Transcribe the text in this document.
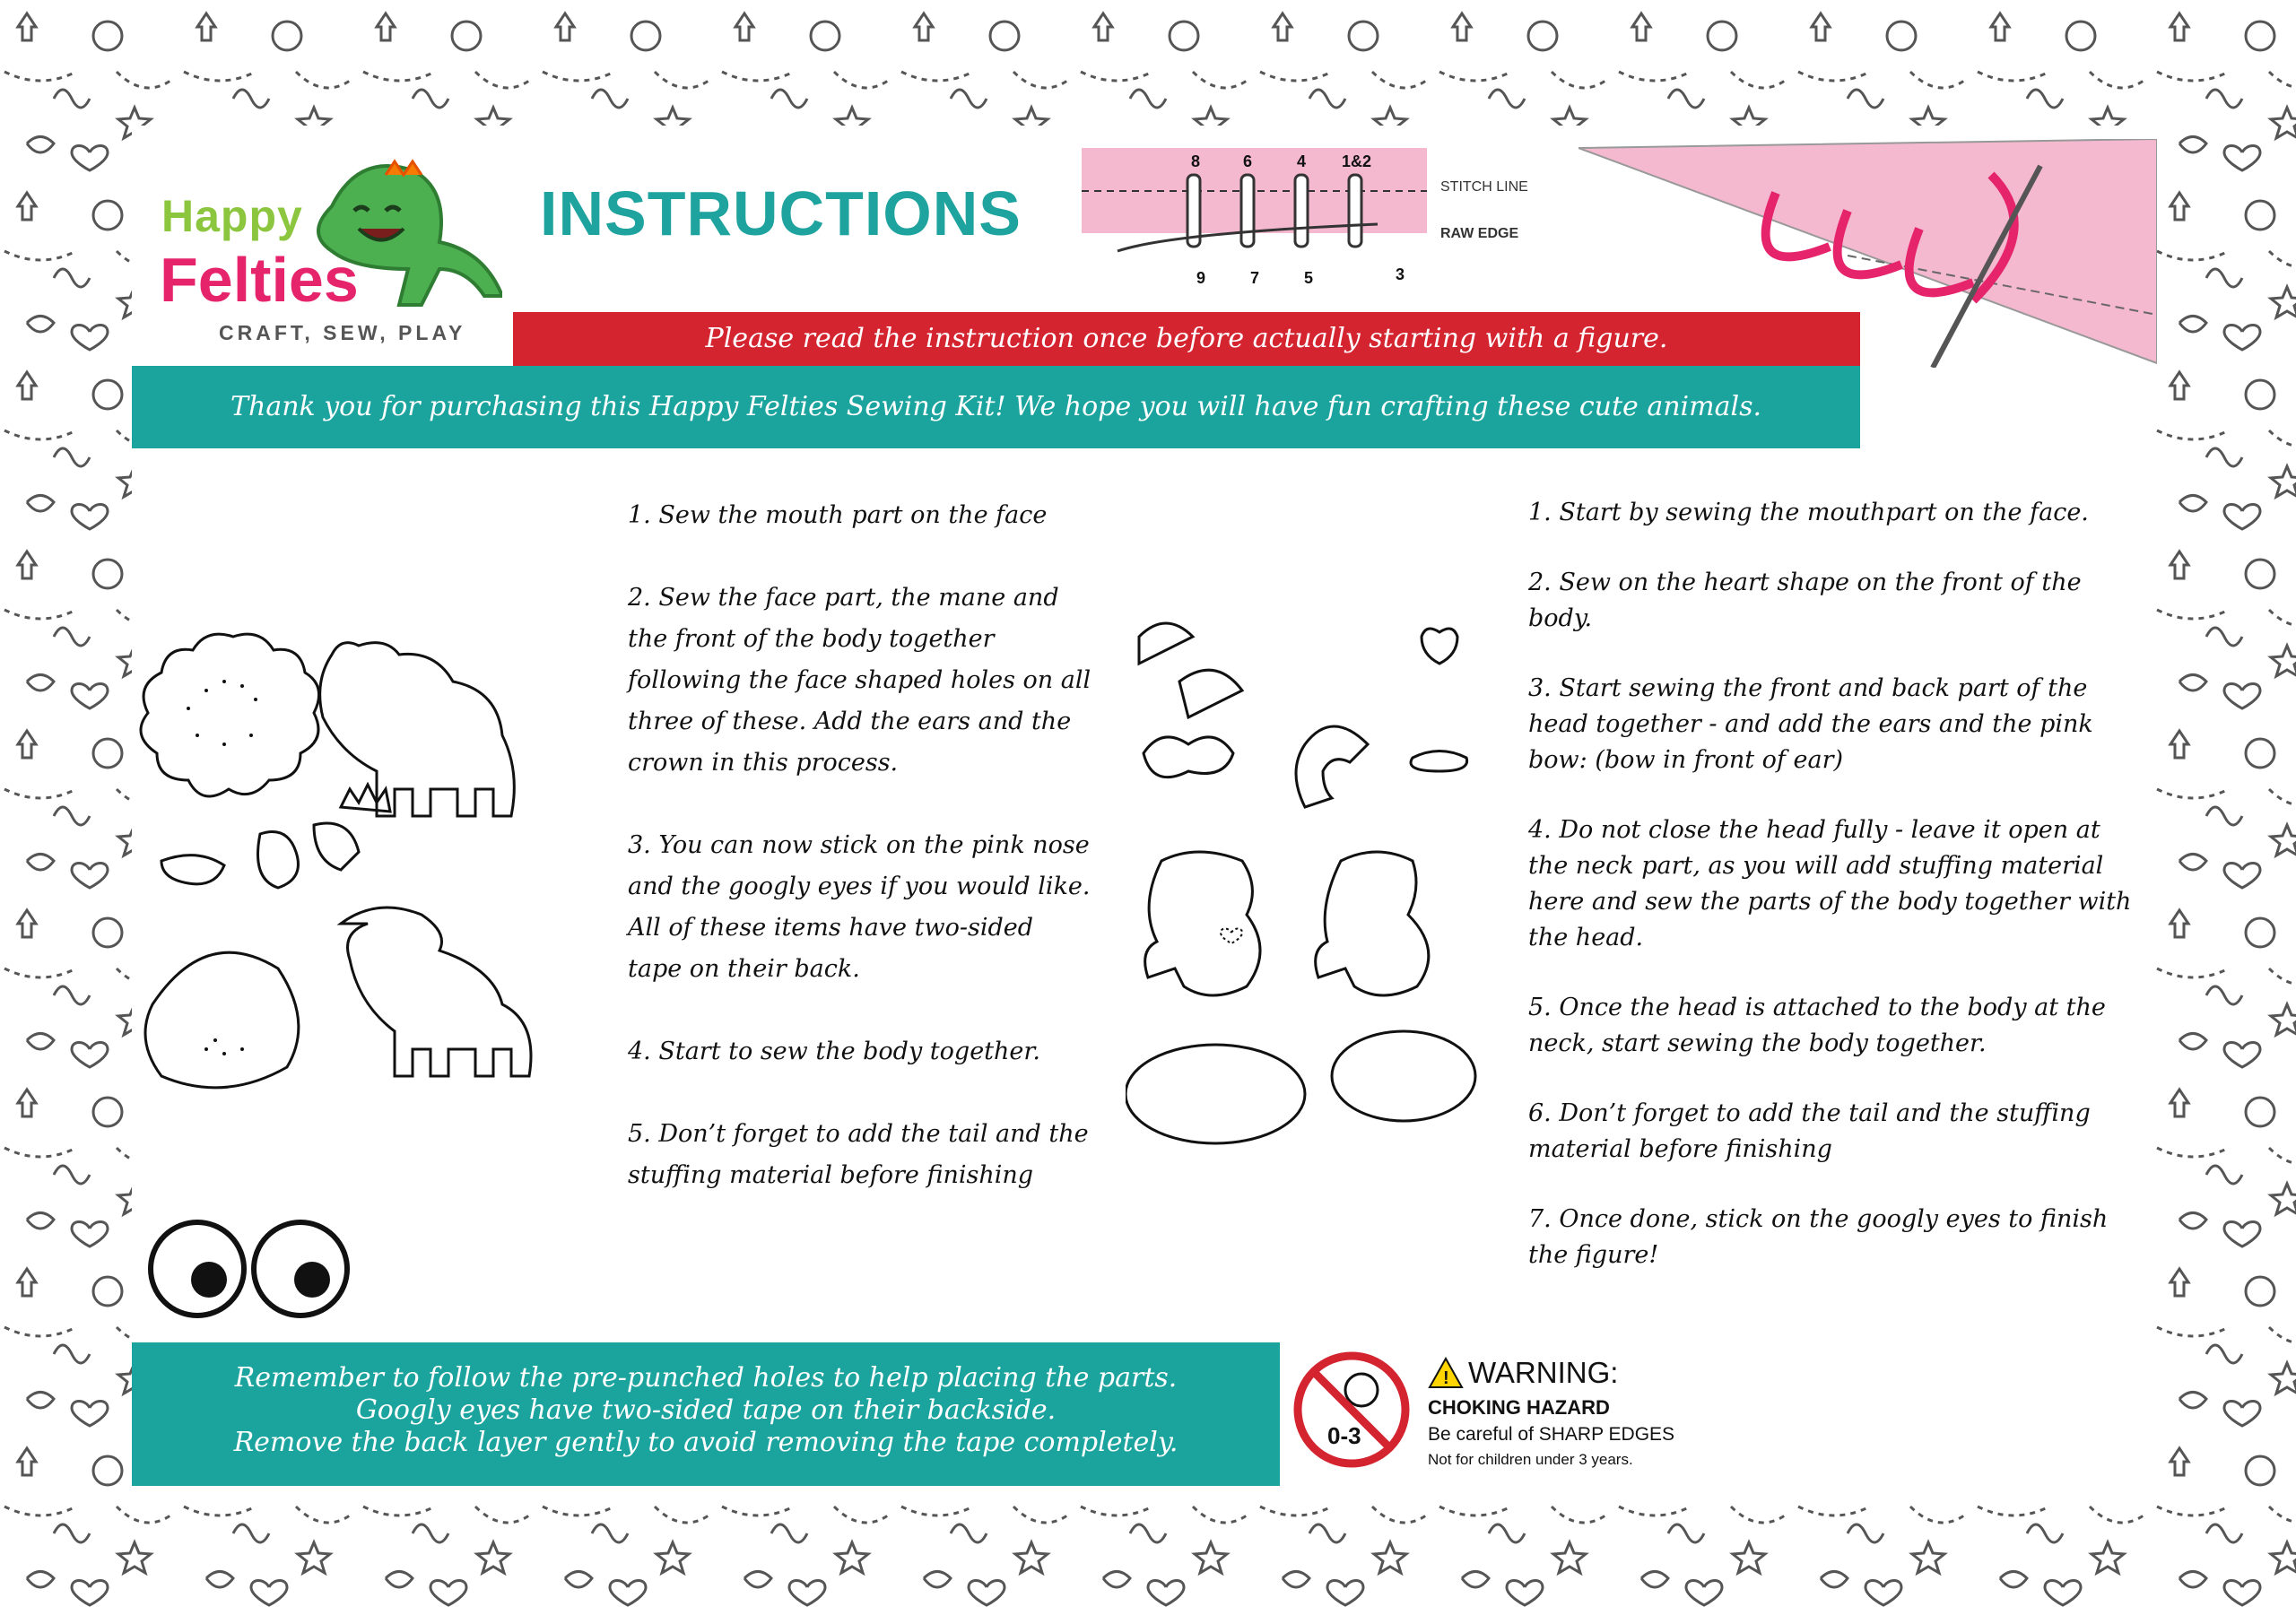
Happy
Felties
CRAFT, SEW, PLAY
INSTRUCTIONS
8	6	4 1&2
9	7	5	3
STITCH LINE
RAW EDGE
Please read the instruction once before actually starting with a figure.
Thank you for purchasing this Happy Felties Sewing Kit! We hope you will have fun crafting these cute animals.

1. Sew the mouth part on the face

2. Sew the face part, the mane and the front of the body together following the face shaped holes on all three of these. Add the ears and the crown in this process.

3. You can now stick on the pink nose and the googly eyes if you would like. All of these items have two-sided tape on their back.

4. Start to sew the body together.

5. Don’t forget to add the tail and the stuffing material before finishing

1. Start by sewing the mouthpart on the face.

2. Sew on the heart shape on the front of the body.

3. Start sewing the front and back part of the head together - and add the ears and the pink bow: (bow in front of ear)

4. Do not close the head fully - leave it open at the neck part, as you will add stuffing material here and sew the parts of the body together with the head.

5. Once the head is attached to the body at the neck, start sewing the body together.

6. Don’t forget to add the tail and the stuffing material before finishing

7. Once done, stick on the googly eyes to finish the figure!

Remember to follow the pre-punched holes to help placing the parts.
Googly eyes have two-sided tape on their backside.
Remove the back layer gently to avoid removing the tape completely.	0-3
! WARNING:
CHOKING HAZARD
Be careful of SHARP EDGES
Not for children under 3 years.
